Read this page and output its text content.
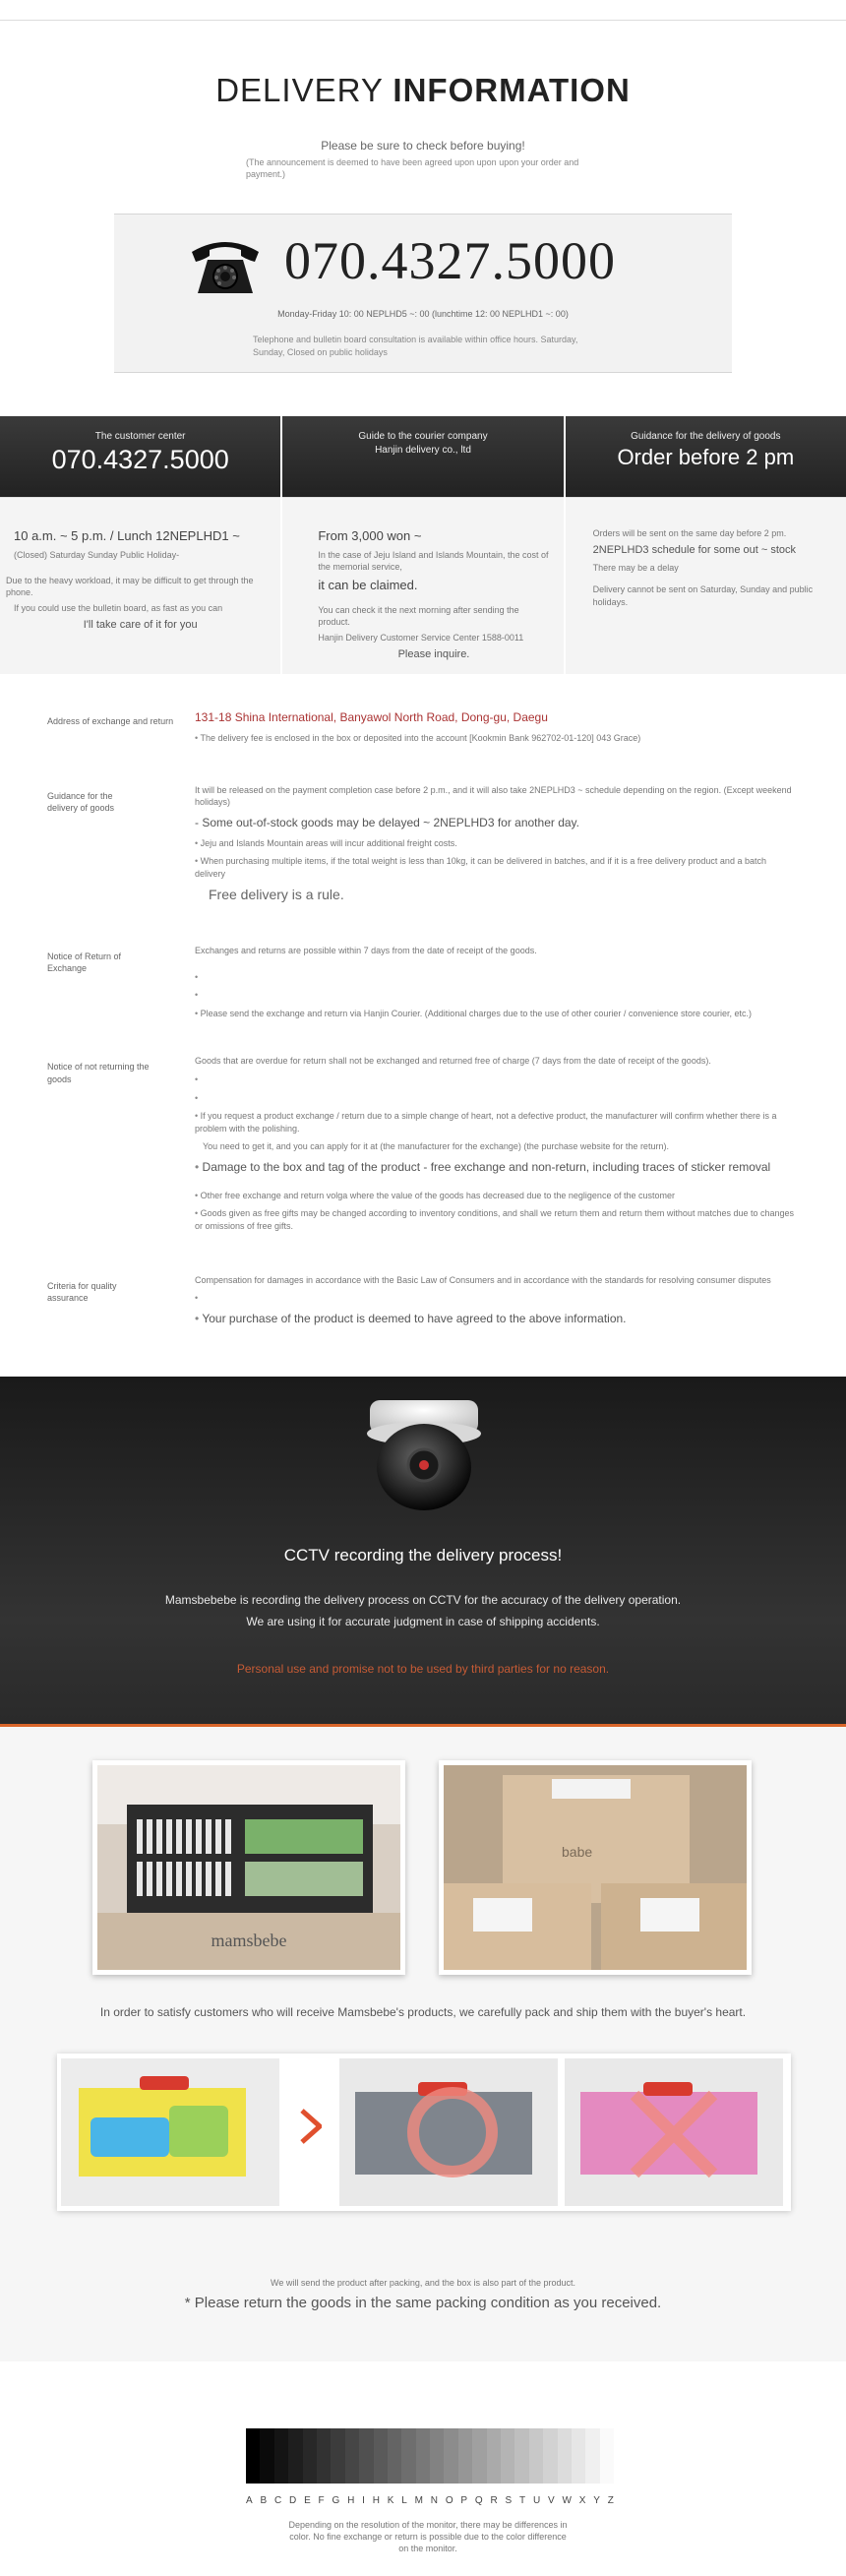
DELIVERY INFORMATION
Please be sure to check before buying!
(The announcement is deemed to have been agreed upon upon upon your order and payment.)
070.4327.5000
Monday-Friday 10: 00 NEPLHD5 ~: 00 (lunchtime 12: 00 NEPLHD1 ~: 00)
Telephone and bulletin board consultation is available within office hours. Saturday, Sunday, Closed on public holidays
The customer center
070.4327.5000

10 a.m. ~ 5 p.m. / Lunch 12NEPLHD1 ~

(Closed) Saturday Sunday Public Holiday-

Due to the heavy workload, it may be difficult to get through the phone.

If you could use the bulletin board, as fast as you can

I'll take care of it for you

Guide to the courier company
Hanjin delivery co., ltd

From 3,000 won ~

In the case of Jeju Island and Islands Mountain, the cost of the memorial service,

it can be claimed.

You can check it the next morning after sending the product.

Hanjin Delivery Customer Service Center 1588-0011

Please inquire.

Guidance for the delivery of goods
Order before 2 pm

Orders will be sent on the same day before 2 pm.

2NEPLHD3 schedule for some out ~ stock

There may be a delay

Delivery cannot be sent on Saturday, Sunday and public holidays.

Address of exchange and return	131-18 Shina International, Banyawol North Road, Dong-gu, Daegu
• The delivery fee is enclosed in the box or deposited into the account [Kookmin Bank 962702-01-120] 043 Grace)
Guidance for the delivery of goods
It will be released on the payment completion case before 2 p.m., and it will also take 2NEPLHD3 ~ schedule depending on the region. (Except weekend holidays)
- Some out-of-stock goods may be delayed ~ 2NEPLHD3 for another day.
• Jeju and Islands Mountain areas will incur additional freight costs.
• When purchasing multiple items, if the total weight is less than 10kg, it can be delivered in batches, and if it is a free delivery product and a batch delivery
Free delivery is a rule.
Notice of Return of Exchange
Exchanges and returns are possible within 7 days from the date of receipt of the goods.
•
•
• Please send the exchange and return via Hanjin Courier. (Additional charges due to the use of other courier / convenience store courier, etc.)
Notice of not returning the goods
Goods that are overdue for return shall not be exchanged and returned free of charge (7 days from the date of receipt of the goods).
•
•
• If you request a product exchange / return due to a simple change of heart, not a defective product, the manufacturer will confirm whether there is a problem with the polishing.
You need to get it, and you can apply for it at (the manufacturer for the exchange) (the purchase website for the return).
• Damage to the box and tag of the product - free exchange and non-return, including traces of sticker removal
• Other free exchange and return volga where the value of the goods has decreased due to the negligence of the customer
• Goods given as free gifts may be changed according to inventory conditions, and shall we return them and return them without matches due to changes or omissions of free gifts.
Criteria for quality assurance
Compensation for damages in accordance with the Basic Law of Consumers and in accordance with the standards for resolving consumer disputes
•
• Your purchase of the product is deemed to have agreed to the above information.
CCTV recording the delivery process!
Mamsbebebe is recording the delivery process on CCTV for the accuracy of the delivery operation.
We are using it for accurate judgment in case of shipping accidents.
Personal use and promise not to be used by third parties for no reason.
mamsbebe
babe
In order to satisfy customers who will receive Mamsbebe's products, we carefully pack and ship them with the buyer's heart.
We will send the product after packing, and the box is also part of the product.
* Please return the goods in the same packing condition as you received.
A B C D E F G H I H K L M N O P Q R S T U V W X Y Z
Depending on the resolution of the monitor, there may be differences in color. No fine exchange or return is possible due to the color difference on the monitor.
